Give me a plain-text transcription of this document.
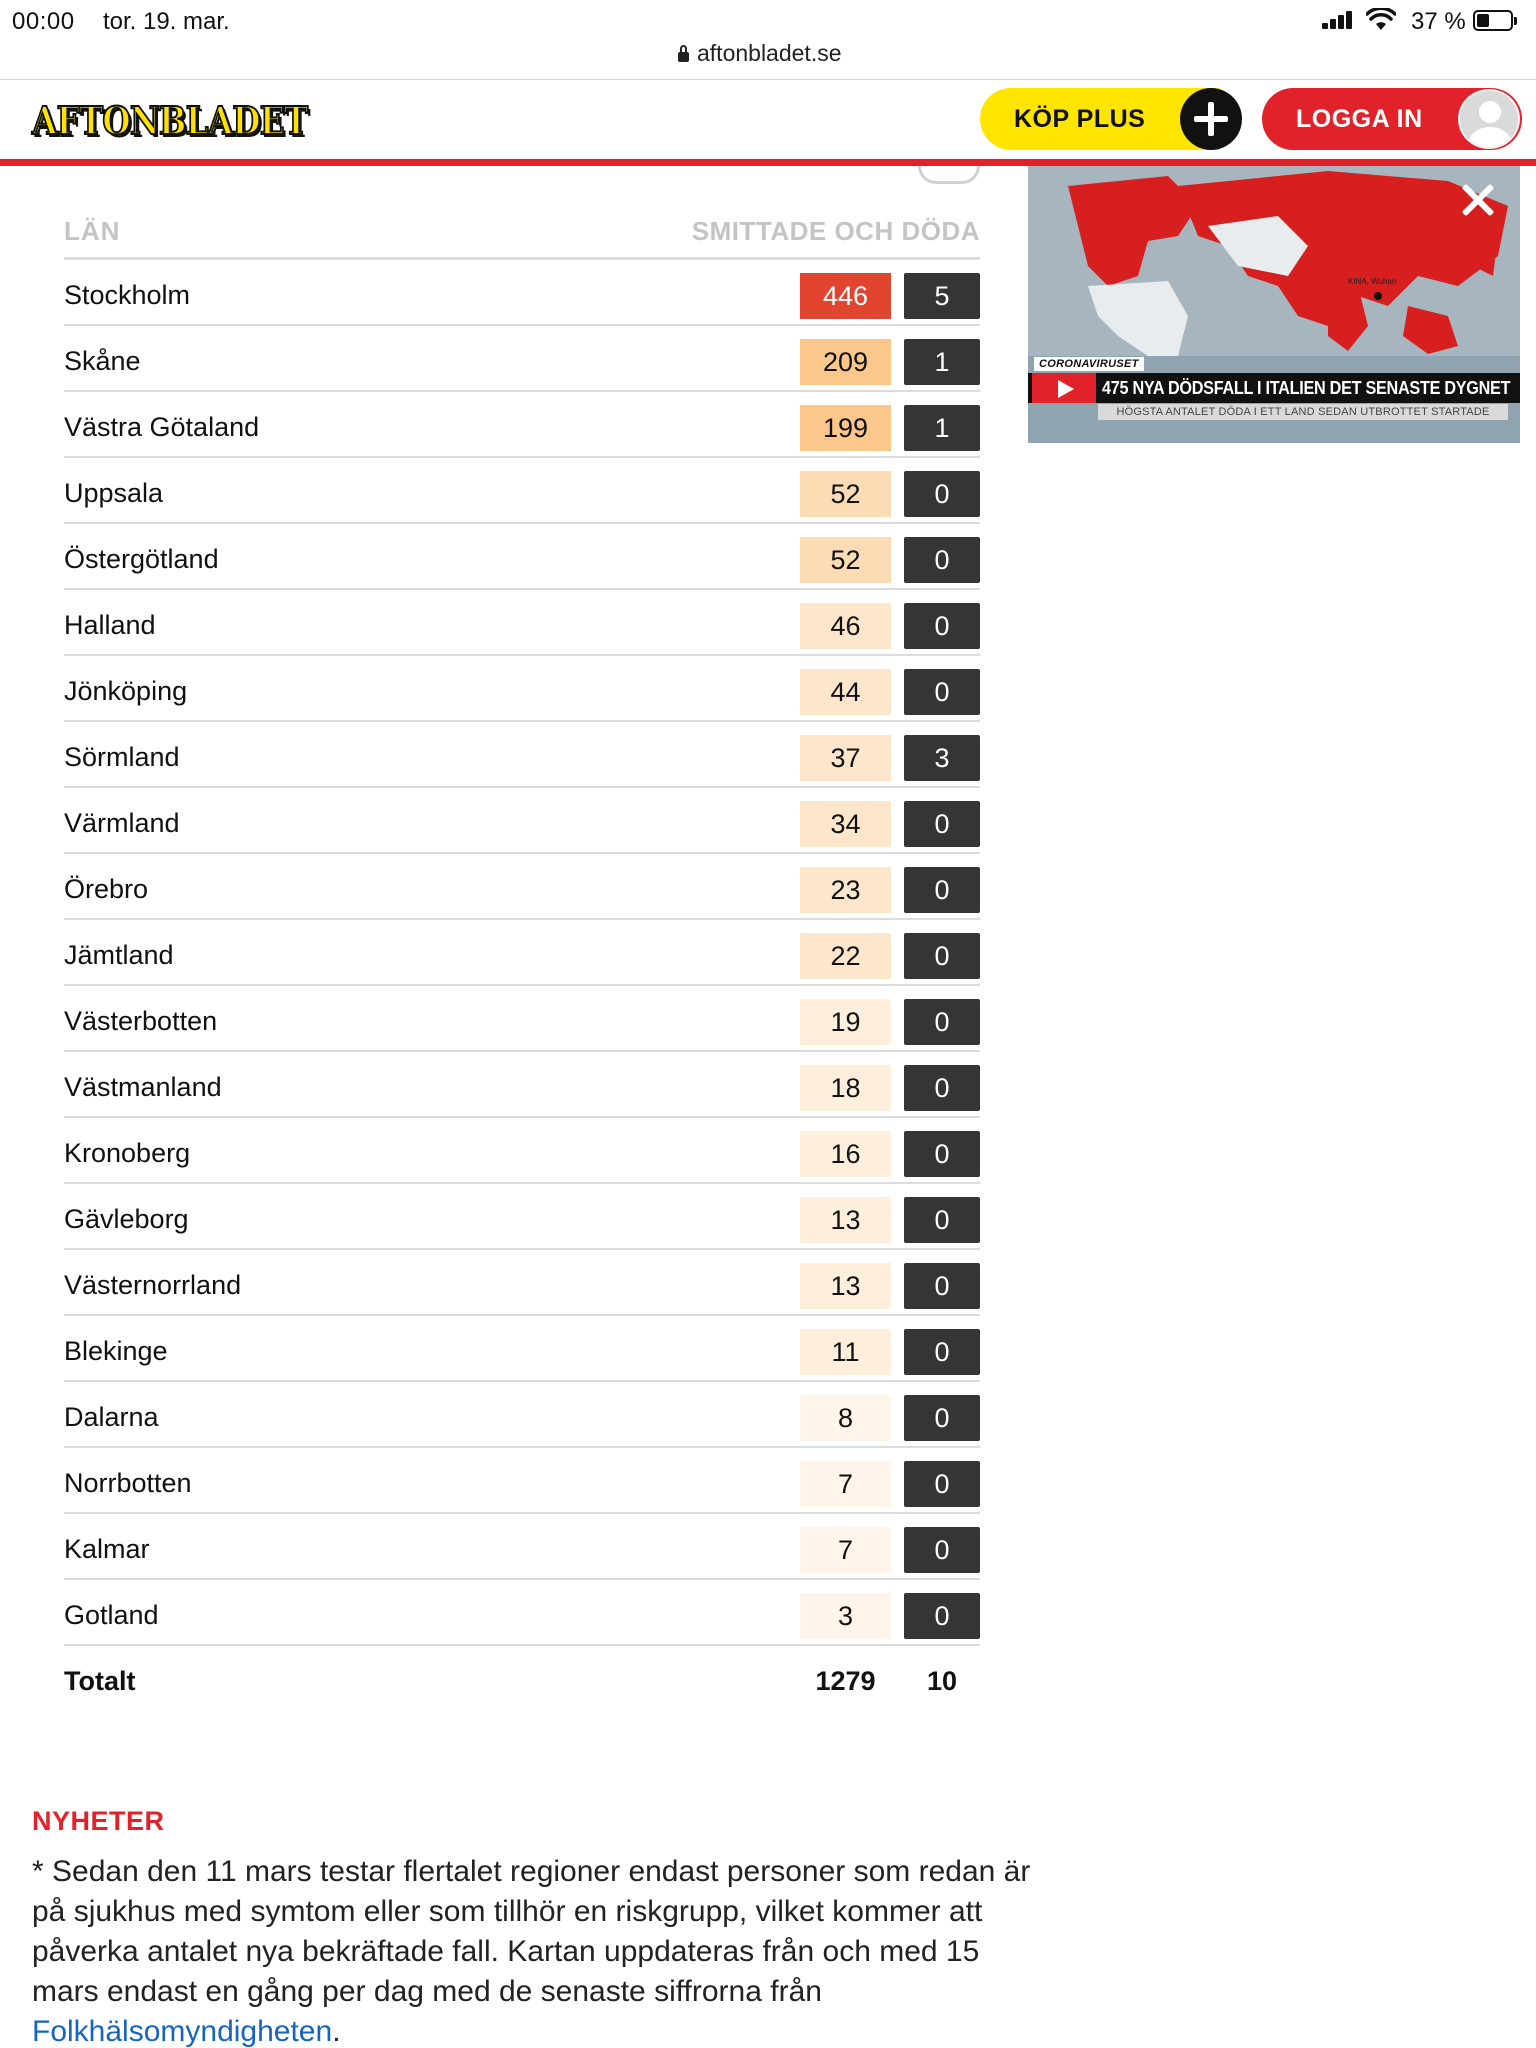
00:00 tor. 19. mar.	37 %
aftonbladet.se
AFTONBLADET	KÖP PLUS	LOGGA IN
LÄN	SMITTADE OCH DÖDA
Stockholm	446	5
Skåne	209	1
Västra Götaland	199	1
Uppsala	52	0
Östergötland	52	0
Halland	46	0
Jönköping	44	0
Sörmland	37	3
Värmland	34	0
Örebro	23	0
Jämtland	22	0
Västerbotten	19	0
Västmanland	18	0
Kronoberg	16	0
Gävleborg	13	0
Västernorrland	13	0
Blekinge	11	0
Dalarna	8	0
Norrbotten	7	0
Kalmar	7	0
Gotland	3	0
Totalt	1279	10
KINA, Wuhan
CORONAVIRUSET
475 NYA DÖDSFALL I ITALIEN DET SENASTE DYGNET
HÖGSTA ANTALET DÖDA I ETT LAND SEDAN UTBROTTET STARTADE
NYHETER
* Sedan den 11 mars testar flertalet regioner endast personer som redan är på sjukhus med symtom eller som tillhör en riskgrupp, vilket kommer att påverka antalet nya bekräftade fall. Kartan uppdateras från och med 15 mars endast en gång per dag med de senaste siffrorna från Folkhälsomyndigheten.
